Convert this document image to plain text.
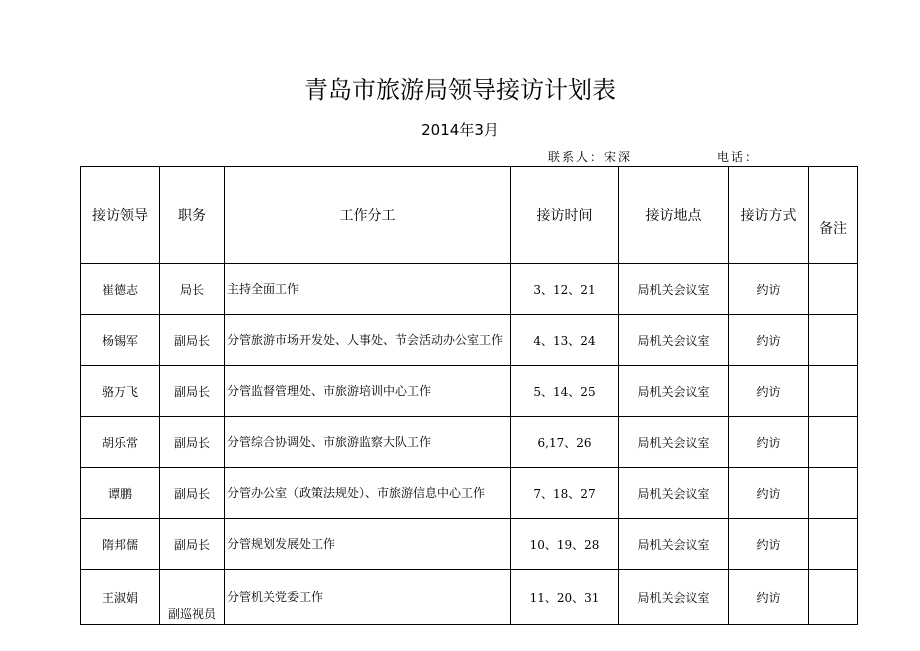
青岛市旅游局领导接访计划表
2014年3月
联系人：宋深	电话：
接访领导	职务	工作分工	接访时间	接访地点	接访方式	备注
崔德志	局长	主持全面工作	3、12、21	局机关会议室	约访	
杨锡军	副局长	分管旅游市场开发处、人事处、节会活动办公室工作	4、13、24	局机关会议室	约访	
骆万飞	副局长	分管监督管理处、市旅游培训中心工作	5、14、25	局机关会议室	约访	
胡乐常	副局长	分管综合协调处、市旅游监察大队工作	6,17、26	局机关会议室	约访	
谭鹏	副局长	分管办公室（政策法规处）、市旅游信息中心工作	7、18、27	局机关会议室	约访	
隋邦儒	副局长	分管规划发展处工作	10、19、28	局机关会议室	约访	
王淑娟	副巡视员	分管机关党委工作	11、20、31	局机关会议室	约访	
